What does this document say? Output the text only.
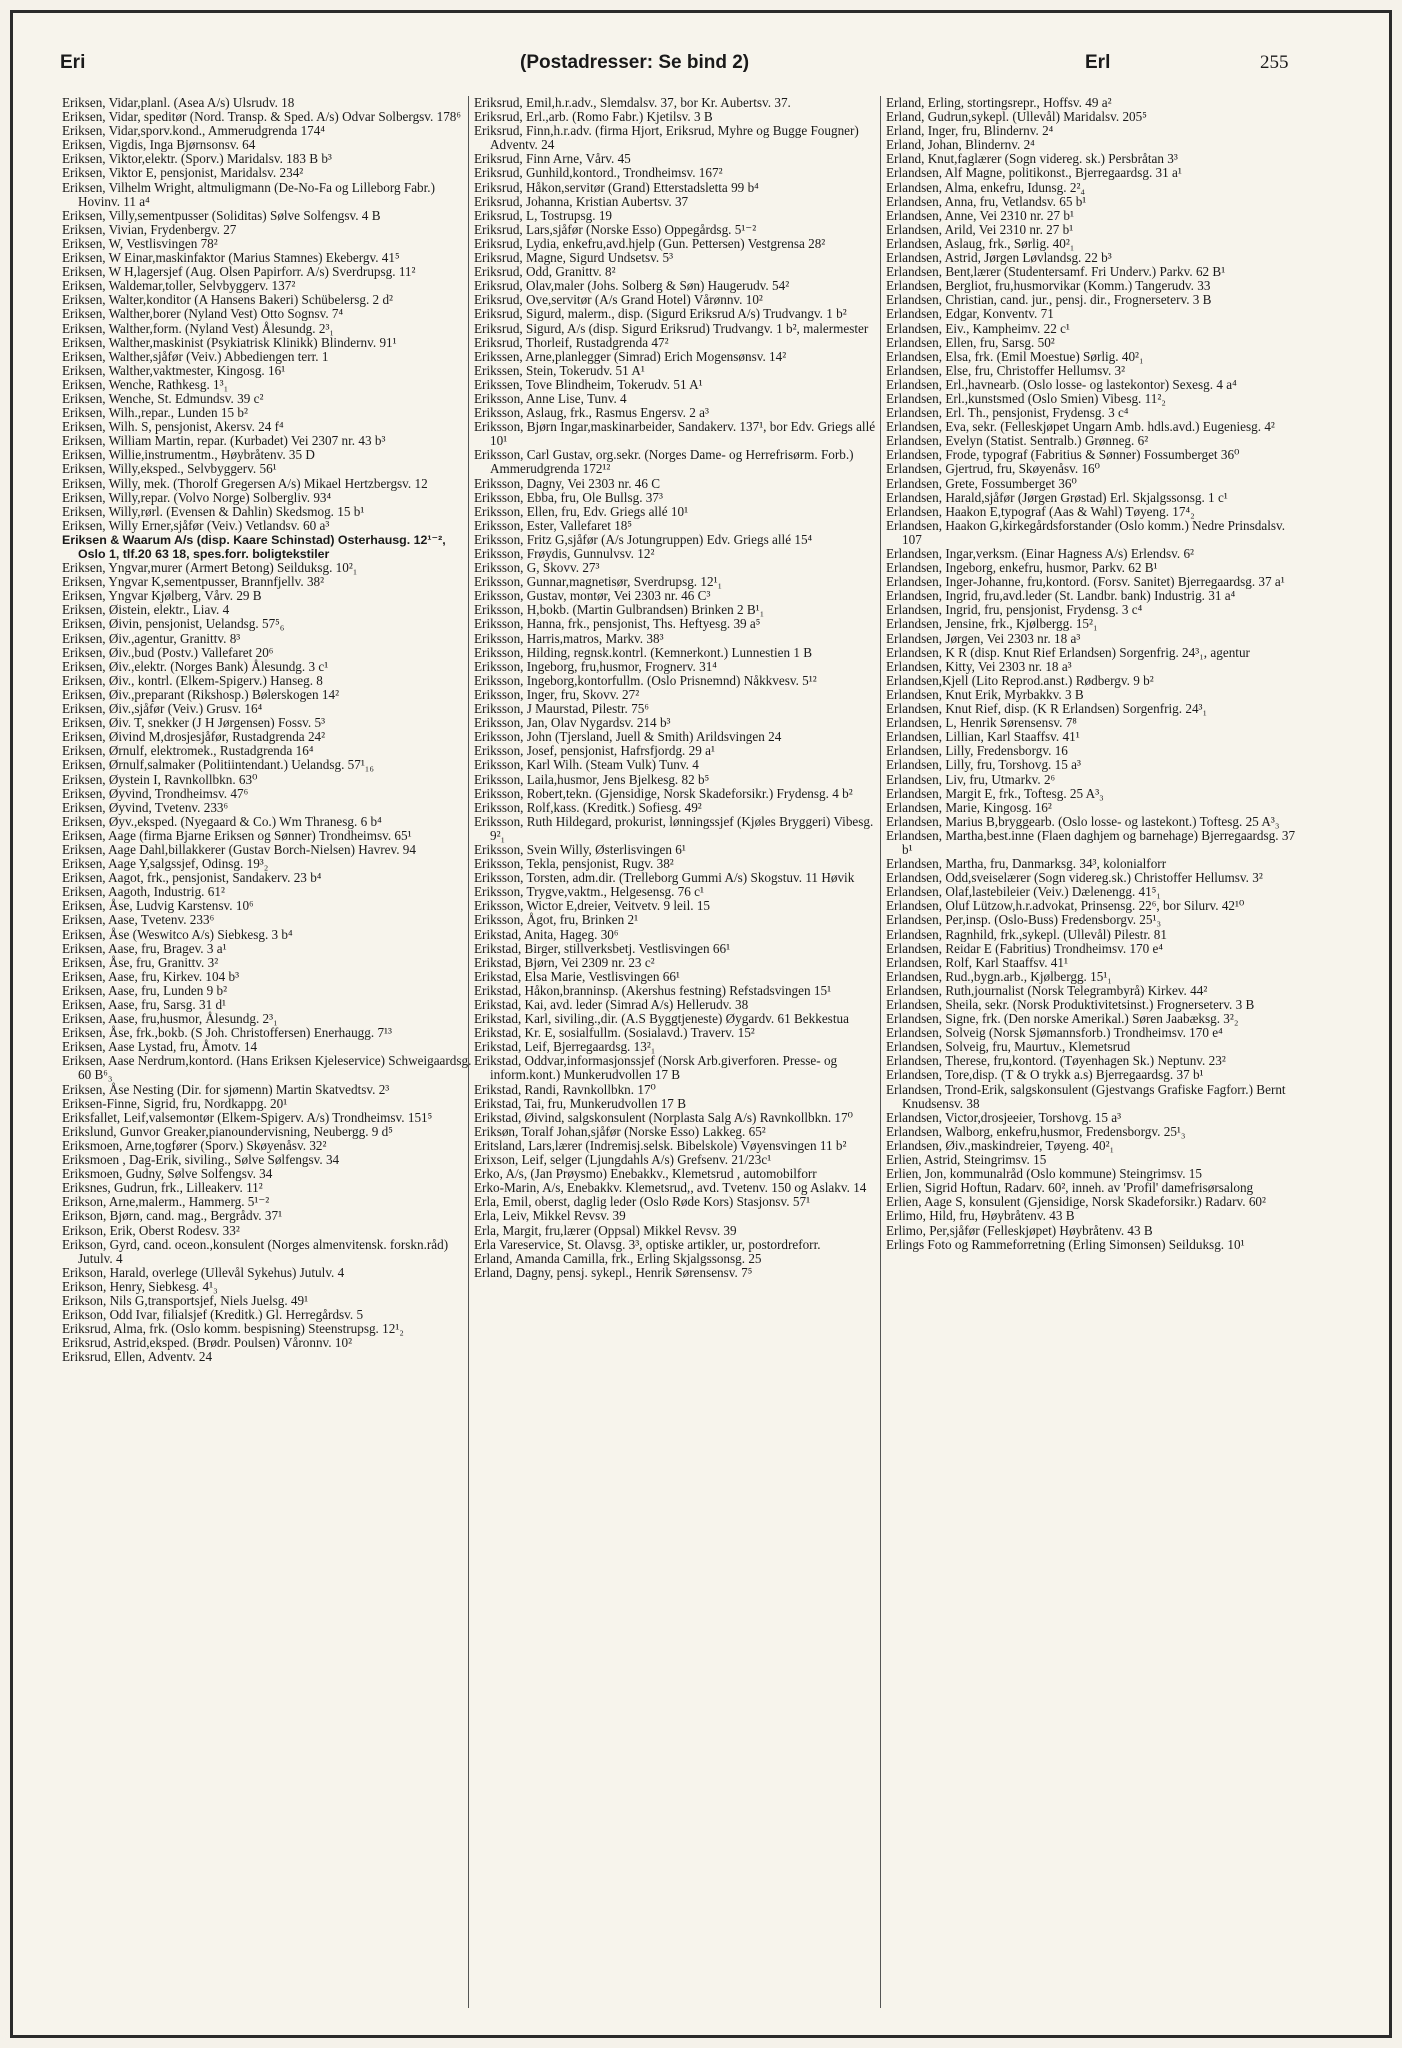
Eri	(Postadresser: Se bind 2)	Erl	255

Eriksen, Vidar,planl. (Asea A/s) Ulsrudv. 18

Eriksen, Vidar, speditør (Nord. Transp. & Sped. A/s) Odvar Solbergsv. 178⁶

Eriksen, Vidar,sporv.kond., Ammerudgrenda 174⁴

Eriksen, Vigdis, Inga Bjørnsonsv. 64

Eriksen, Viktor,elektr. (Sporv.) Maridalsv. 183 B b³

Eriksen, Viktor E, pensjonist, Maridalsv. 234²

Eriksen, Vilhelm Wright, altmuligmann (De-No-Fa og Lilleborg Fabr.) Hovinv. 11 a⁴

Eriksen, Villy,sementpusser (Soliditas) Sølve Solfengsv. 4 B

Eriksen, Vivian, Frydenbergv. 27

Eriksen, W, Vestlisvingen 78²

Eriksen, W Einar,maskinfaktor (Marius Stamnes) Ekebergv. 41⁵

Eriksen, W H,lagersjef (Aug. Olsen Papirforr. A/s) Sverdrupsg. 11²

Eriksen, Waldemar,toller, Selvbyggerv. 137²

Eriksen, Walter,konditor (A Hansens Bakeri) Schübelersg. 2 d²

Eriksen, Walther,borer (Nyland Vest) Otto Sognsv. 7⁴

Eriksen, Walther,form. (Nyland Vest) Ålesundg. 2³₁

Eriksen, Walther,maskinist (Psykiatrisk Klinikk) Blindernv. 91¹

Eriksen, Walther,sjåfør (Veiv.) Abbediengen terr. 1

Eriksen, Walther,vaktmester, Kingosg. 16¹

Eriksen, Wenche, Rathkesg. 1³₁

Eriksen, Wenche, St. Edmundsv. 39 c²

Eriksen, Wilh.,repar., Lunden 15 b²

Eriksen, Wilh. S, pensjonist, Akersv. 24 f⁴

Eriksen, William Martin, repar. (Kurbadet) Vei 2307 nr. 43 b³

Eriksen, Willie,instrumentm., Høybråtenv. 35 D

Eriksen, Willy,eksped., Selvbyggerv. 56¹

Eriksen, Willy, mek. (Thorolf Gregersen A/s) Mikael Hertzbergsv. 12

Eriksen, Willy,repar. (Volvo Norge) Solbergliv. 93⁴

Eriksen, Willy,rørl. (Evensen & Dahlin) Skedsmog. 15 b¹

Eriksen, Willy Erner,sjåfør (Veiv.) Vetlandsv. 60 a³

Eriksen & Waarum A/s (disp. Kaare Schinstad) Osterhausg. 12¹⁻², Oslo 1, tlf.20 63 18, spes.forr. boligtekstiler

Eriksen, Yngvar,murer (Armert Betong) Seilduksg. 10²₁

Eriksen, Yngvar K,sementpusser, Brannfjellv. 38²

Eriksen, Yngvar Kjølberg, Vårv. 29 B

Eriksen, Øistein, elektr., Liav. 4

Eriksen, Øivin, pensjonist, Uelandsg. 57⁵₆

Eriksen, Øiv.,agentur, Granittv. 8³

Eriksen, Øiv.,bud (Postv.) Vallefaret 20⁶

Eriksen, Øiv.,elektr. (Norges Bank) Ålesundg. 3 c¹

Eriksen, Øiv., kontrl. (Elkem-Spigerv.) Hanseg. 8

Eriksen, Øiv.,preparant (Rikshosp.) Bølerskogen 14²

Eriksen, Øiv.,sjåfør (Veiv.) Grusv. 16⁴

Eriksen, Øiv. T, snekker (J H Jørgensen) Fossv. 5³

Eriksen, Øivind M,drosjesjåfør, Rustadgrenda 24²

Eriksen, Ørnulf, elektromek., Rustadgrenda 16⁴

Eriksen, Ørnulf,salmaker (Politiintendant.) Uelandsg. 57¹₁₆

Eriksen, Øystein I, Ravnkollbkn. 63⁰

Eriksen, Øyvind, Trondheimsv. 47⁶

Eriksen, Øyvind, Tvetenv. 233⁶

Eriksen, Øyv.,eksped. (Nyegaard & Co.) Wm Thranesg. 6 b⁴

Eriksen, Aage (firma Bjarne Eriksen og Sønner) Trondheimsv. 65¹

Eriksen, Aage Dahl,billakkerer (Gustav Borch-Nielsen) Havrev. 94

Eriksen, Aage Y,salgssjef, Odinsg. 19³₂

Eriksen, Aagot, frk., pensjonist, Sandakerv. 23 b⁴

Eriksen, Aagoth, Industrig. 61²

Eriksen, Åse, Ludvig Karstensv. 10⁶

Eriksen, Aase, Tvetenv. 233⁶

Eriksen, Åse (Weswitco A/s) Siebkesg. 3 b⁴

Eriksen, Aase, fru, Bragev. 3 a¹

Eriksen, Åse, fru, Granittv. 3²

Eriksen, Aase, fru, Kirkev. 104 b³

Eriksen, Aase, fru, Lunden 9 b²

Eriksen, Aase, fru, Sarsg. 31 d¹

Eriksen, Aase, fru,husmor, Ålesundg. 2³₁

Eriksen, Åse, frk.,bokb. (S Joh. Christoffersen) Enerhaugg. 7¹³

Eriksen, Aase Lystad, fru, Åmotv. 14

Eriksen, Aase Nerdrum,kontord. (Hans Eriksen Kjeleservice) Schweigaardsg. 60 B⁶₃

Eriksen, Åse Nesting (Dir. for sjømenn) Martin Skatvedtsv. 2³

Eriksen-Finne, Sigrid, fru, Nordkappg. 20¹

Eriksfallet, Leif,valsemontør (Elkem-Spigerv. A/s) Trondheimsv. 151⁵

Erikslund, Gunvor Greaker,pianoundervisning, Neubergg. 9 d⁵

Eriksmoen, Arne,togfører (Sporv.) Skøyenåsv. 32²

Eriksmoen , Dag-Erik, siviling., Sølve Sølfengsv. 34

Eriksmoen, Gudny, Sølve Solfengsv. 34

Eriksnes, Gudrun, frk., Lilleakerv. 11²

Erikson, Arne,malerm., Hammerg. 5¹⁻²

Erikson, Bjørn, cand. mag., Bergrådv. 37¹

Erikson, Erik, Oberst Rodesv. 33²

Erikson, Gyrd, cand. oceon.,konsulent (Norges almenvitensk. forskn.råd) Jutulv. 4

Erikson, Harald, overlege (Ullevål Sykehus) Jutulv. 4

Erikson, Henry, Siebkesg. 4¹₃

Erikson, Nils G,transportsjef, Niels Juelsg. 49¹

Erikson, Odd Ivar, filialsjef (Kreditk.) Gl. Herregårdsv. 5

Eriksrud, Alma, frk. (Oslo komm. bespisning) Steenstrupsg. 12¹₂

Eriksrud, Astrid,eksped. (Brødr. Poulsen) Våronnv. 10²

Eriksrud, Ellen, Adventv. 24

Eriksrud, Emil,h.r.adv., Slemdalsv. 37, bor Kr. Aubertsv. 37.

Eriksrud, Erl.,arb. (Romo Fabr.) Kjetilsv. 3 B

Eriksrud, Finn,h.r.adv. (firma Hjort, Eriksrud, Myhre og Bugge Fougner) Adventv. 24

Eriksrud, Finn Arne, Vårv. 45

Eriksrud, Gunhild,kontord., Trondheimsv. 167²

Eriksrud, Håkon,servitør (Grand) Etterstadsletta 99 b⁴

Eriksrud, Johanna, Kristian Aubertsv. 37

Eriksrud, L, Tostrupsg. 19

Eriksrud, Lars,sjåfør (Norske Esso) Oppegårdsg. 5¹⁻²

Eriksrud, Lydia, enkefru,avd.hjelp (Gun. Pettersen) Vestgrensa 28²

Eriksrud, Magne, Sigurd Undsetsv. 5³

Eriksrud, Odd, Granittv. 8²

Eriksrud, Olav,maler (Johs. Solberg & Søn) Haugerudv. 54²

Eriksrud, Ove,servitør (A/s Grand Hotel) Vårønnv. 10²

Eriksrud, Sigurd, malerm., disp. (Sigurd Eriksrud A/s) Trudvangv. 1 b²

Eriksrud, Sigurd, A/s (disp. Sigurd Eriksrud) Trudvangv. 1 b², malermester

Eriksrud, Thorleif, Rustadgrenda 47²

Erikssen, Arne,planlegger (Simrad) Erich Mogensønsv. 14²

Erikssen, Stein, Tokerudv. 51 A¹

Erikssen, Tove Blindheim, Tokerudv. 51 A¹

Eriksson, Anne Lise, Tunv. 4

Eriksson, Aslaug, frk., Rasmus Engersv. 2 a³

Eriksson, Bjørn Ingar,maskinarbeider, Sandakerv. 137¹, bor Edv. Griegs allé 10¹

Eriksson, Carl Gustav, org.sekr. (Norges Dame- og Herrefrisørm. Forb.) Ammerudgrenda 172¹²

Eriksson, Dagny, Vei 2303 nr. 46 C

Eriksson, Ebba, fru, Ole Bullsg. 37³

Eriksson, Ellen, fru, Edv. Griegs allé 10¹

Eriksson, Ester, Vallefaret 18⁵

Eriksson, Fritz G,sjåfør (A/s Jotungruppen) Edv. Griegs allé 15⁴

Eriksson, Frøydis, Gunnulvsv. 12²

Eriksson, G, Skovv. 27³

Eriksson, Gunnar,magnetisør, Sverdrupsg. 12¹₁

Eriksson, Gustav, montør, Vei 2303 nr. 46 C³

Eriksson, H,bokb. (Martin Gulbrandsen) Brinken 2 B¹₁

Eriksson, Hanna, frk., pensjonist, Ths. Heftyesg. 39 a⁵

Eriksson, Harris,matros, Markv. 38³

Eriksson, Hilding, regnsk.kontrl. (Kemnerkont.) Lunnestien 1 B

Eriksson, Ingeborg, fru,husmor, Frognerv. 31⁴

Eriksson, Ingeborg,kontorfullm. (Oslo Prisnemnd) Nåkkvesv. 5¹²

Eriksson, Inger, fru, Skovv. 27²

Eriksson, J Maurstad, Pilestr. 75⁶

Eriksson, Jan, Olav Nygardsv. 214 b³

Eriksson, John (Tjersland, Juell & Smith) Arildsvingen 24

Eriksson, Josef, pensjonist, Hafrsfjordg. 29 a¹

Eriksson, Karl Wilh. (Steam Vulk) Tunv. 4

Eriksson, Laila,husmor, Jens Bjelkesg. 82 b⁵

Eriksson, Robert,tekn. (Gjensidige, Norsk Skadeforsikr.) Frydensg. 4 b²

Eriksson, Rolf,kass. (Kreditk.) Sofiesg. 49²

Eriksson, Ruth Hildegard, prokurist, lønningssjef (Kjøles Bryggeri) Vibesg. 9²₁

Eriksson, Svein Willy, Østerlisvingen 6¹

Eriksson, Tekla, pensjonist, Rugv. 38²

Eriksson, Torsten, adm.dir. (Trelleborg Gummi A/s) Skogstuv. 11 Høvik

Eriksson, Trygve,vaktm., Helgesensg. 76 c¹

Eriksson, Wictor E,dreier, Veitvetv. 9 leil. 15

Eriksson, Ågot, fru, Brinken 2¹

Erikstad, Anita, Hageg. 30⁶

Erikstad, Birger, stillverksbetj. Vestlisvingen 66¹

Erikstad, Bjørn, Vei 2309 nr. 23 c²

Erikstad, Elsa Marie, Vestlisvingen 66¹

Erikstad, Håkon,branninsp. (Akershus festning) Refstadsvingen 15¹

Erikstad, Kai, avd. leder (Simrad A/s) Hellerudv. 38

Erikstad, Karl, siviling.,dir. (A.S Byggtjeneste) Øygardv. 61 Bekkestua

Erikstad, Kr. E, sosialfullm. (Sosialavd.) Traverv. 15²

Erikstad, Leif, Bjerregaardsg. 13²₁

Erikstad, Oddvar,informasjonssjef (Norsk Arb.giverforen. Presse- og inform.kont.) Munkerudvollen 17 B

Erikstad, Randi, Ravnkollbkn. 17⁰

Erikstad, Tai, fru, Munkerudvollen 17 B

Erikstad, Øivind, salgskonsulent (Norplasta Salg A/s) Ravnkollbkn. 17⁰

Eriksøn, Toralf Johan,sjåfør (Norske Esso) Lakkeg. 65²

Eritsland, Lars,lærer (Indremisj.selsk. Bibelskole) Vøyensvingen 11 b²

Erixson, Leif, selger (Ljungdahls A/s) Grefsenv. 21/23c¹

Erko, A/s, (Jan Prøysmo) Enebakkv., Klemetsrud , automobilforr

Erko-Marin, A/s, Enebakkv. Klemetsrud,, avd. Tvetenv. 150 og Aslakv. 14

Erla, Emil, oberst, daglig leder (Oslo Røde Kors) Stasjonsv. 57¹

Erla, Leiv, Mikkel Revsv. 39

Erla, Margit, fru,lærer (Oppsal) Mikkel Revsv. 39

Erla Vareservice, St. Olavsg. 3³, optiske artikler, ur, postordreforr.

Erland, Amanda Camilla, frk., Erling Skjalgssonsg. 25

Erland, Dagny, pensj. sykepl., Henrik Sørensensv. 7⁵

Erland, Erling, stortingsrepr., Hoffsv. 49 a²

Erland, Gudrun,sykepl. (Ullevål) Maridalsv. 205⁵

Erland, Inger, fru, Blindernv. 2⁴

Erland, Johan, Blindernv. 2⁴

Erland, Knut,faglærer (Sogn videreg. sk.) Persbråtan 3³

Erlandsen, Alf Magne, politikonst., Bjerregaardsg. 31 a¹

Erlandsen, Alma, enkefru, Idunsg. 2²₄

Erlandsen, Anna, fru, Vetlandsv. 65 b¹

Erlandsen, Anne, Vei 2310 nr. 27 b¹

Erlandsen, Arild, Vei 2310 nr. 27 b¹

Erlandsen, Aslaug, frk., Sørlig. 40²₁

Erlandsen, Astrid, Jørgen Løvlandsg. 22 b³

Erlandsen, Bent,lærer (Studentersamf. Fri Underv.) Parkv. 62 B¹

Erlandsen, Bergliot, fru,husmorvikar (Komm.) Tangerudv. 33

Erlandsen, Christian, cand. jur., pensj. dir., Frognerseterv. 3 B

Erlandsen, Edgar, Konventv. 71

Erlandsen, Eiv., Kampheimv. 22 c¹

Erlandsen, Ellen, fru, Sarsg. 50²

Erlandsen, Elsa, frk. (Emil Moestue) Sørlig. 40²₁

Erlandsen, Else, fru, Christoffer Hellumsv. 3²

Erlandsen, Erl.,havnearb. (Oslo losse- og lastekontor) Sexesg. 4 a⁴

Erlandsen, Erl.,kunstsmed (Oslo Smien) Vibesg. 11²₂

Erlandsen, Erl. Th., pensjonist, Frydensg. 3 c⁴

Erlandsen, Eva, sekr. (Felleskjøpet Ungarn Amb. hdls.avd.) Eugeniesg. 4²

Erlandsen, Evelyn (Statist. Sentralb.) Grønneg. 6²

Erlandsen, Frode, typograf (Fabritius & Sønner) Fossumberget 36⁰

Erlandsen, Gjertrud, fru, Skøyenåsv. 16⁰

Erlandsen, Grete, Fossumberget 36⁰

Erlandsen, Harald,sjåfør (Jørgen Grøstad) Erl. Skjalgssonsg. 1 c¹

Erlandsen, Haakon E,typograf (Aas & Wahl) Tøyeng. 17⁴₂

Erlandsen, Haakon G,kirkegårdsforstander (Oslo komm.) Nedre Prinsdalsv. 107

Erlandsen, Ingar,verksm. (Einar Hagness A/s) Erlendsv. 6²

Erlandsen, Ingeborg, enkefru, husmor, Parkv. 62 B¹

Erlandsen, Inger-Johanne, fru,kontord. (Forsv. Sanitet) Bjerregaardsg. 37 a¹

Erlandsen, Ingrid, fru,avd.leder (St. Landbr. bank) Industrig. 31 a⁴

Erlandsen, Ingrid, fru, pensjonist, Frydensg. 3 c⁴

Erlandsen, Jensine, frk., Kjølbergg. 15²₁

Erlandsen, Jørgen, Vei 2303 nr. 18 a³

Erlandsen, K R (disp. Knut Rief Erlandsen) Sorgenfrig. 24³₁, agentur

Erlandsen, Kitty, Vei 2303 nr. 18 a³

Erlandsen,Kjell (Lito Reprod.anst.) Rødbergv. 9 b²

Erlandsen, Knut Erik, Myrbakkv. 3 B

Erlandsen, Knut Rief, disp. (K R Erlandsen) Sorgenfrig. 24³₁

Erlandsen, L, Henrik Sørensensv. 7⁸

Erlandsen, Lillian, Karl Staaffsv. 41¹

Erlandsen, Lilly, Fredensborgv. 16

Erlandsen, Lilly, fru, Torshovg. 15 a³

Erlandsen, Liv, fru, Utmarkv. 2⁶

Erlandsen, Margit E, frk., Toftesg. 25 A³₃

Erlandsen, Marie, Kingosg. 16²

Erlandsen, Marius B,bryggearb. (Oslo losse- og lastekont.) Toftesg. 25 A³₃

Erlandsen, Martha,best.inne (Flaen daghjem og barnehage) Bjerregaardsg. 37 b¹

Erlandsen, Martha, fru, Danmarksg. 34³, kolonialforr

Erlandsen, Odd,sveiselærer (Sogn videreg.sk.) Christoffer Hellumsv. 3²

Erlandsen, Olaf,lastebileier (Veiv.) Dælenengg. 41⁵₁

Erlandsen, Oluf Lützow,h.r.advokat, Prinsensg. 22⁶, bor Silurv. 42¹⁰

Erlandsen, Per,insp. (Oslo-Buss) Fredensborgv. 25¹₃

Erlandsen, Ragnhild, frk.,sykepl. (Ullevål) Pilestr. 81

Erlandsen, Reidar E (Fabritius) Trondheimsv. 170 e⁴

Erlandsen, Rolf, Karl Staaffsv. 41¹

Erlandsen, Rud.,bygn.arb., Kjølbergg. 15¹₁

Erlandsen, Ruth,journalist (Norsk Telegrambyrå) Kirkev. 44²

Erlandsen, Sheila, sekr. (Norsk Produktivitetsinst.) Frognerseterv. 3 B

Erlandsen, Signe, frk. (Den norske Amerikal.) Søren Jaabæksg. 3²₂

Erlandsen, Solveig (Norsk Sjømannsforb.) Trondheimsv. 170 e⁴

Erlandsen, Solveig, fru, Maurtuv., Klemetsrud

Erlandsen, Therese, fru,kontord. (Tøyenhagen Sk.) Neptunv. 23²

Erlandsen, Tore,disp. (T & O trykk a.s) Bjerregaardsg. 37 b¹

Erlandsen, Trond-Erik, salgskonsulent (Gjestvangs Grafiske Fagforr.) Bernt Knudsensv. 38

Erlandsen, Victor,drosjeeier, Torshovg. 15 a³

Erlandsen, Walborg, enkefru,husmor, Fredensborgv. 25¹₃

Erlandsen, Øiv.,maskindreier, Tøyeng. 40²₁

Erlien, Astrid, Steingrimsv. 15

Erlien, Jon, kommunalråd (Oslo kommune) Steingrimsv. 15

Erlien, Sigrid Hoftun, Radarv. 60², inneh. av 'Profil' damefrisørsalong

Erlien, Aage S, konsulent (Gjensidige, Norsk Skadeforsikr.) Radarv. 60²

Erlimo, Hild, fru, Høybråtenv. 43 B

Erlimo, Per,sjåfør (Felleskjøpet) Høybråtenv. 43 B

Erlings Foto og Rammeforretning (Erling Simonsen) Seilduksg. 10¹
